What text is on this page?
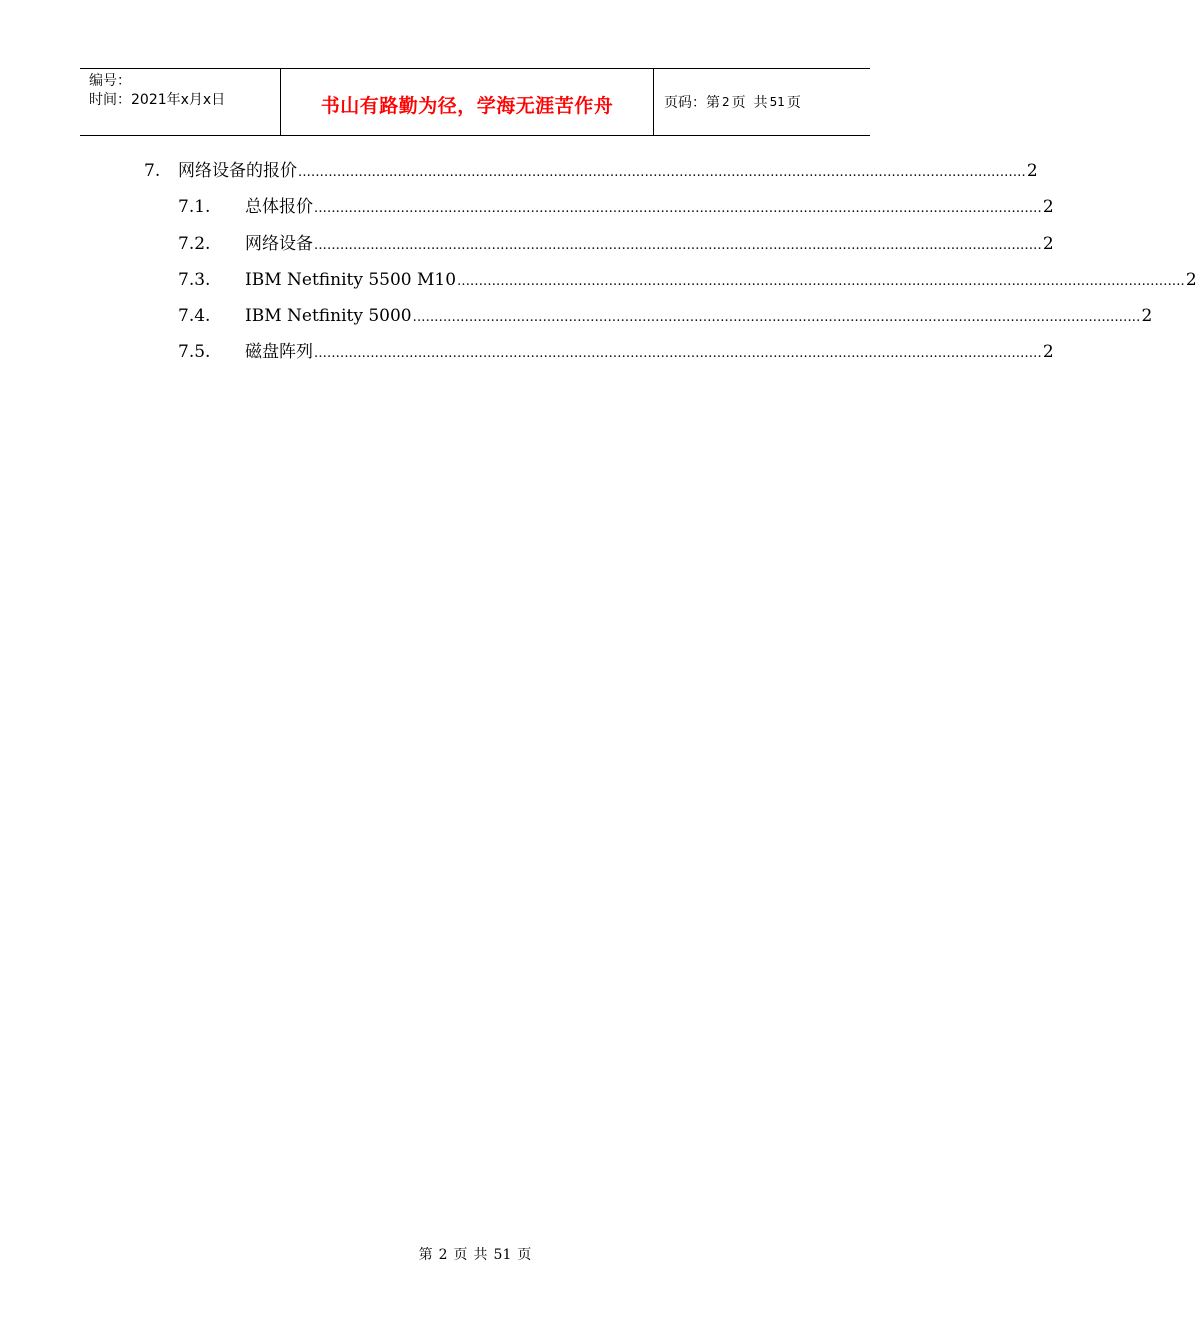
编号：
时间：2021年x月x日	书山有路勤为径，学海无涯苦作舟	页码：第 2 页 共 51 页
7.	网络设备的报价 ........................................................................................................................................................................ 2
7.1.	总体报价 ........................................................................................................................................................................ 2
7.2.	网络设备 ........................................................................................................................................................................ 2
7.3.	IBM Netfinity 5500 M10 ........................................................................................................................................................................ 2
7.4.	IBM Netfinity 5000 ........................................................................................................................................................................ 2
7.5.	磁盘阵列 ........................................................................................................................................................................ 2
第 2 页 共 51 页
